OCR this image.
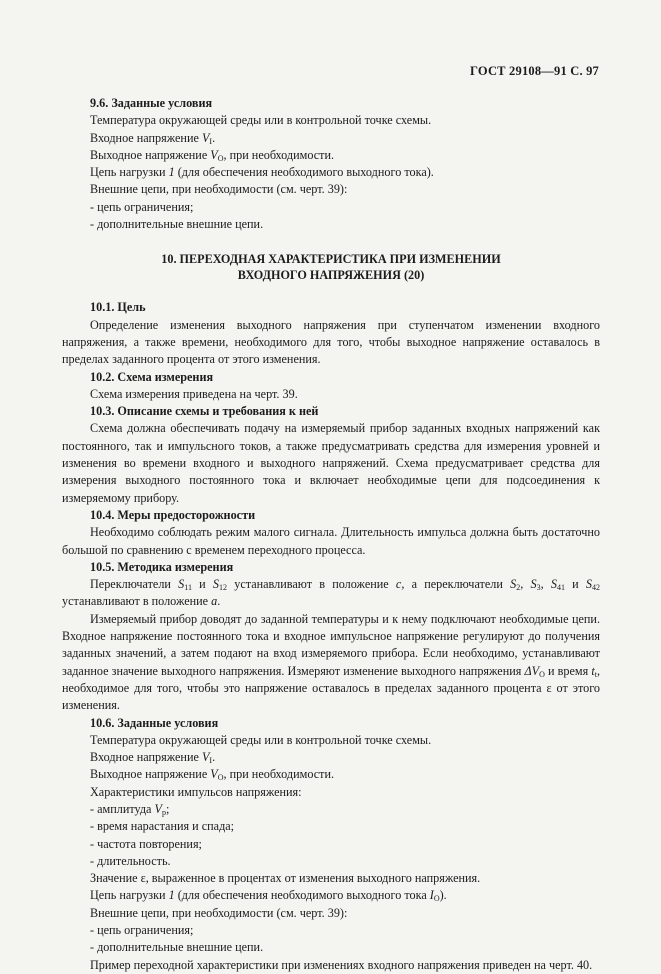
ГОСТ 29108—91 С. 97

9.6. Заданные условия

Температура окружающей среды или в контрольной точке схемы.

Входное напряжение $V_I$.

Выходное напряжение $V_O$, при необходимости.

Цепь нагрузки 1 (для обеспечения необходимого выходного тока).

Внешние цепи, при необходимости (см. черт. 39):

- цепь ограничения;

- дополнительные внешние цепи.

10. ПЕРЕХОДНАЯ ХАРАКТЕРИСТИКА ПРИ ИЗМЕНЕНИИ
ВХОДНОГО НАПРЯЖЕНИЯ (20)

10.1. Цель

Определение изменения выходного напряжения при ступенчатом изменении входного напряжения, а также времени, необходимого для того, чтобы выходное напряжение оставалось в пределах заданного процента от этого изменения.

10.2. Схема измерения

Схема измерения приведена на черт. 39.

10.3. Описание схемы и требования к ней

Схема должна обеспечивать подачу на измеряемый прибор заданных входных напряжений как постоянного, так и импульсного токов, а также предусматривать средства для измерения уровней и изменения во времени входного и выходного напряжений. Схема предусматривает средства для измерения выходного постоянного тока и включает необходимые цепи для подсоединения к измеряемому прибору.

10.4. Меры предосторожности

Необходимо соблюдать режим малого сигнала. Длительность импульса должна быть достаточно большой по сравнению с временем переходного процесса.

10.5. Методика измерения

Переключатели $S_{11}$ и $S_{12}$ устанавливают в положение c, а переключатели $S_2$, $S_3$, $S_{41}$ и $S_{42}$ устанавливают в положение a.

Измеряемый прибор доводят до заданной температуры и к нему подключают необходимые цепи. Входное напряжение постоянного тока и входное импульсное напряжение регулируют до получения заданных значений, а затем подают на вход измеряемого прибора. Если необходимо, устанавливают заданное значение выходного напряжения. Измеряют изменение выходного напряжения $\Delta V_O$ и время $t_t$, необходимое для того, чтобы это напряжение оставалось в пределах заданного процента ε от этого изменения.

10.6. Заданные условия

Температура окружающей среды или в контрольной точке схемы.

Входное напряжение $V_I$.

Выходное напряжение $V_O$, при необходимости.

Характеристики импульсов напряжения:

- амплитуда $V_p$;

- время нарастания и спада;

- частота повторения;

- длительность.

Значение ε, выраженное в процентах от изменения выходного напряжения.

Цепь нагрузки 1 (для обеспечения необходимого выходного тока $I_O$).

Внешние цепи, при необходимости (см. черт. 39):

- цепь ограничения;

- дополнительные внешние цепи.

Пример переходной характеристики при изменениях входного напряжения приведен на черт. 40.
